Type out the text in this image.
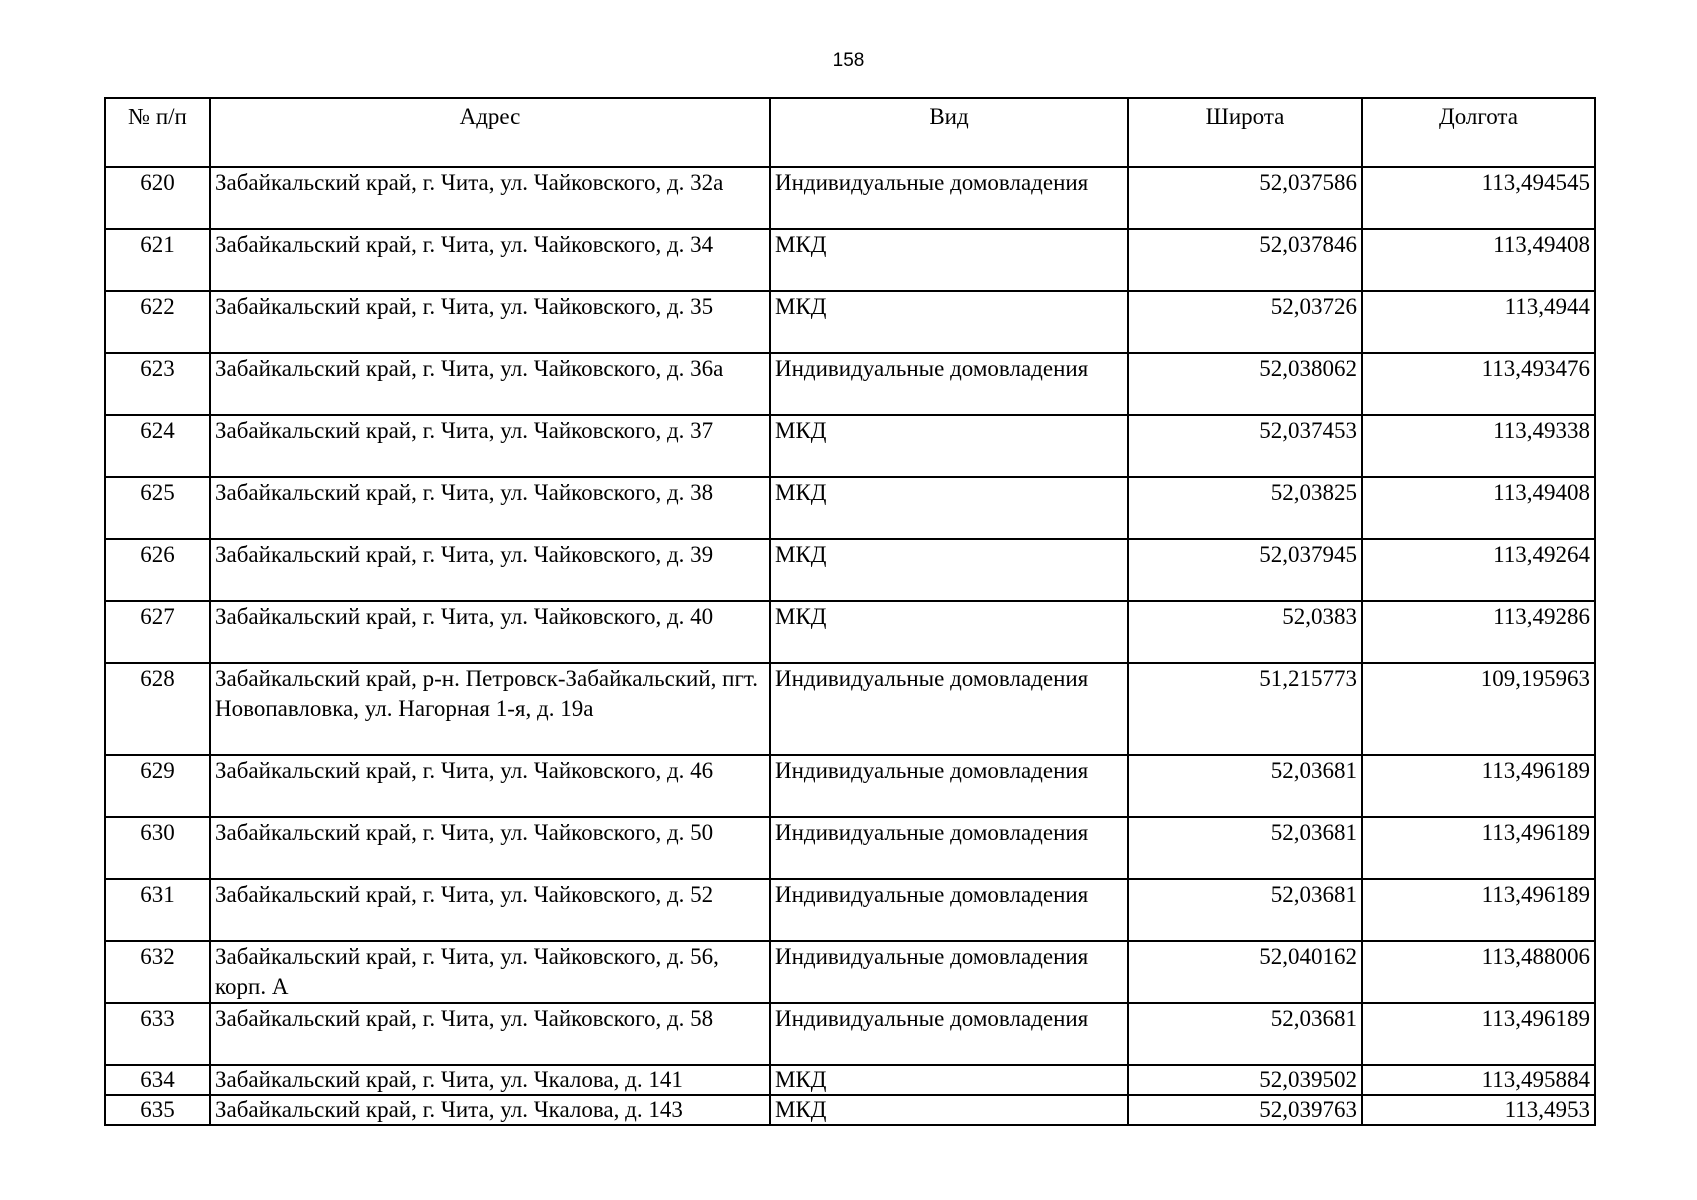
158
№ п/п	Адрес	Вид	Широта	Долгота
620	Забайкальский край, г. Чита, ул. Чайковского, д. 32а	Индивидуальные домовладения	52,037586	113,494545
621	Забайкальский край, г. Чита, ул. Чайковского, д. 34	МКД	52,037846	113,49408
622	Забайкальский край, г. Чита, ул. Чайковского, д. 35	МКД	52,03726	113,4944
623	Забайкальский край, г. Чита, ул. Чайковского, д. 36а	Индивидуальные домовладения	52,038062	113,493476
624	Забайкальский край, г. Чита, ул. Чайковского, д. 37	МКД	52,037453	113,49338
625	Забайкальский край, г. Чита, ул. Чайковского, д. 38	МКД	52,03825	113,49408
626	Забайкальский край, г. Чита, ул. Чайковского, д. 39	МКД	52,037945	113,49264
627	Забайкальский край, г. Чита, ул. Чайковского, д. 40	МКД	52,0383	113,49286
628	Забайкальский край, р-н. Петровск-Забайкальский, пгт. Новопавловка, ул. Нагорная 1-я, д. 19а	Индивидуальные домовладения	51,215773	109,195963
629	Забайкальский край, г. Чита, ул. Чайковского, д. 46	Индивидуальные домовладения	52,03681	113,496189
630	Забайкальский край, г. Чита, ул. Чайковского, д. 50	Индивидуальные домовладения	52,03681	113,496189
631	Забайкальский край, г. Чита, ул. Чайковского, д. 52	Индивидуальные домовладения	52,03681	113,496189
632	Забайкальский край, г. Чита, ул. Чайковского, д. 56, корп. А	Индивидуальные домовладения	52,040162	113,488006
633	Забайкальский край, г. Чита, ул. Чайковского, д. 58	Индивидуальные домовладения	52,03681	113,496189
634	Забайкальский край, г. Чита, ул. Чкалова, д. 141	МКД	52,039502	113,495884
635	Забайкальский край, г. Чита, ул. Чкалова, д. 143	МКД	52,039763	113,4953
